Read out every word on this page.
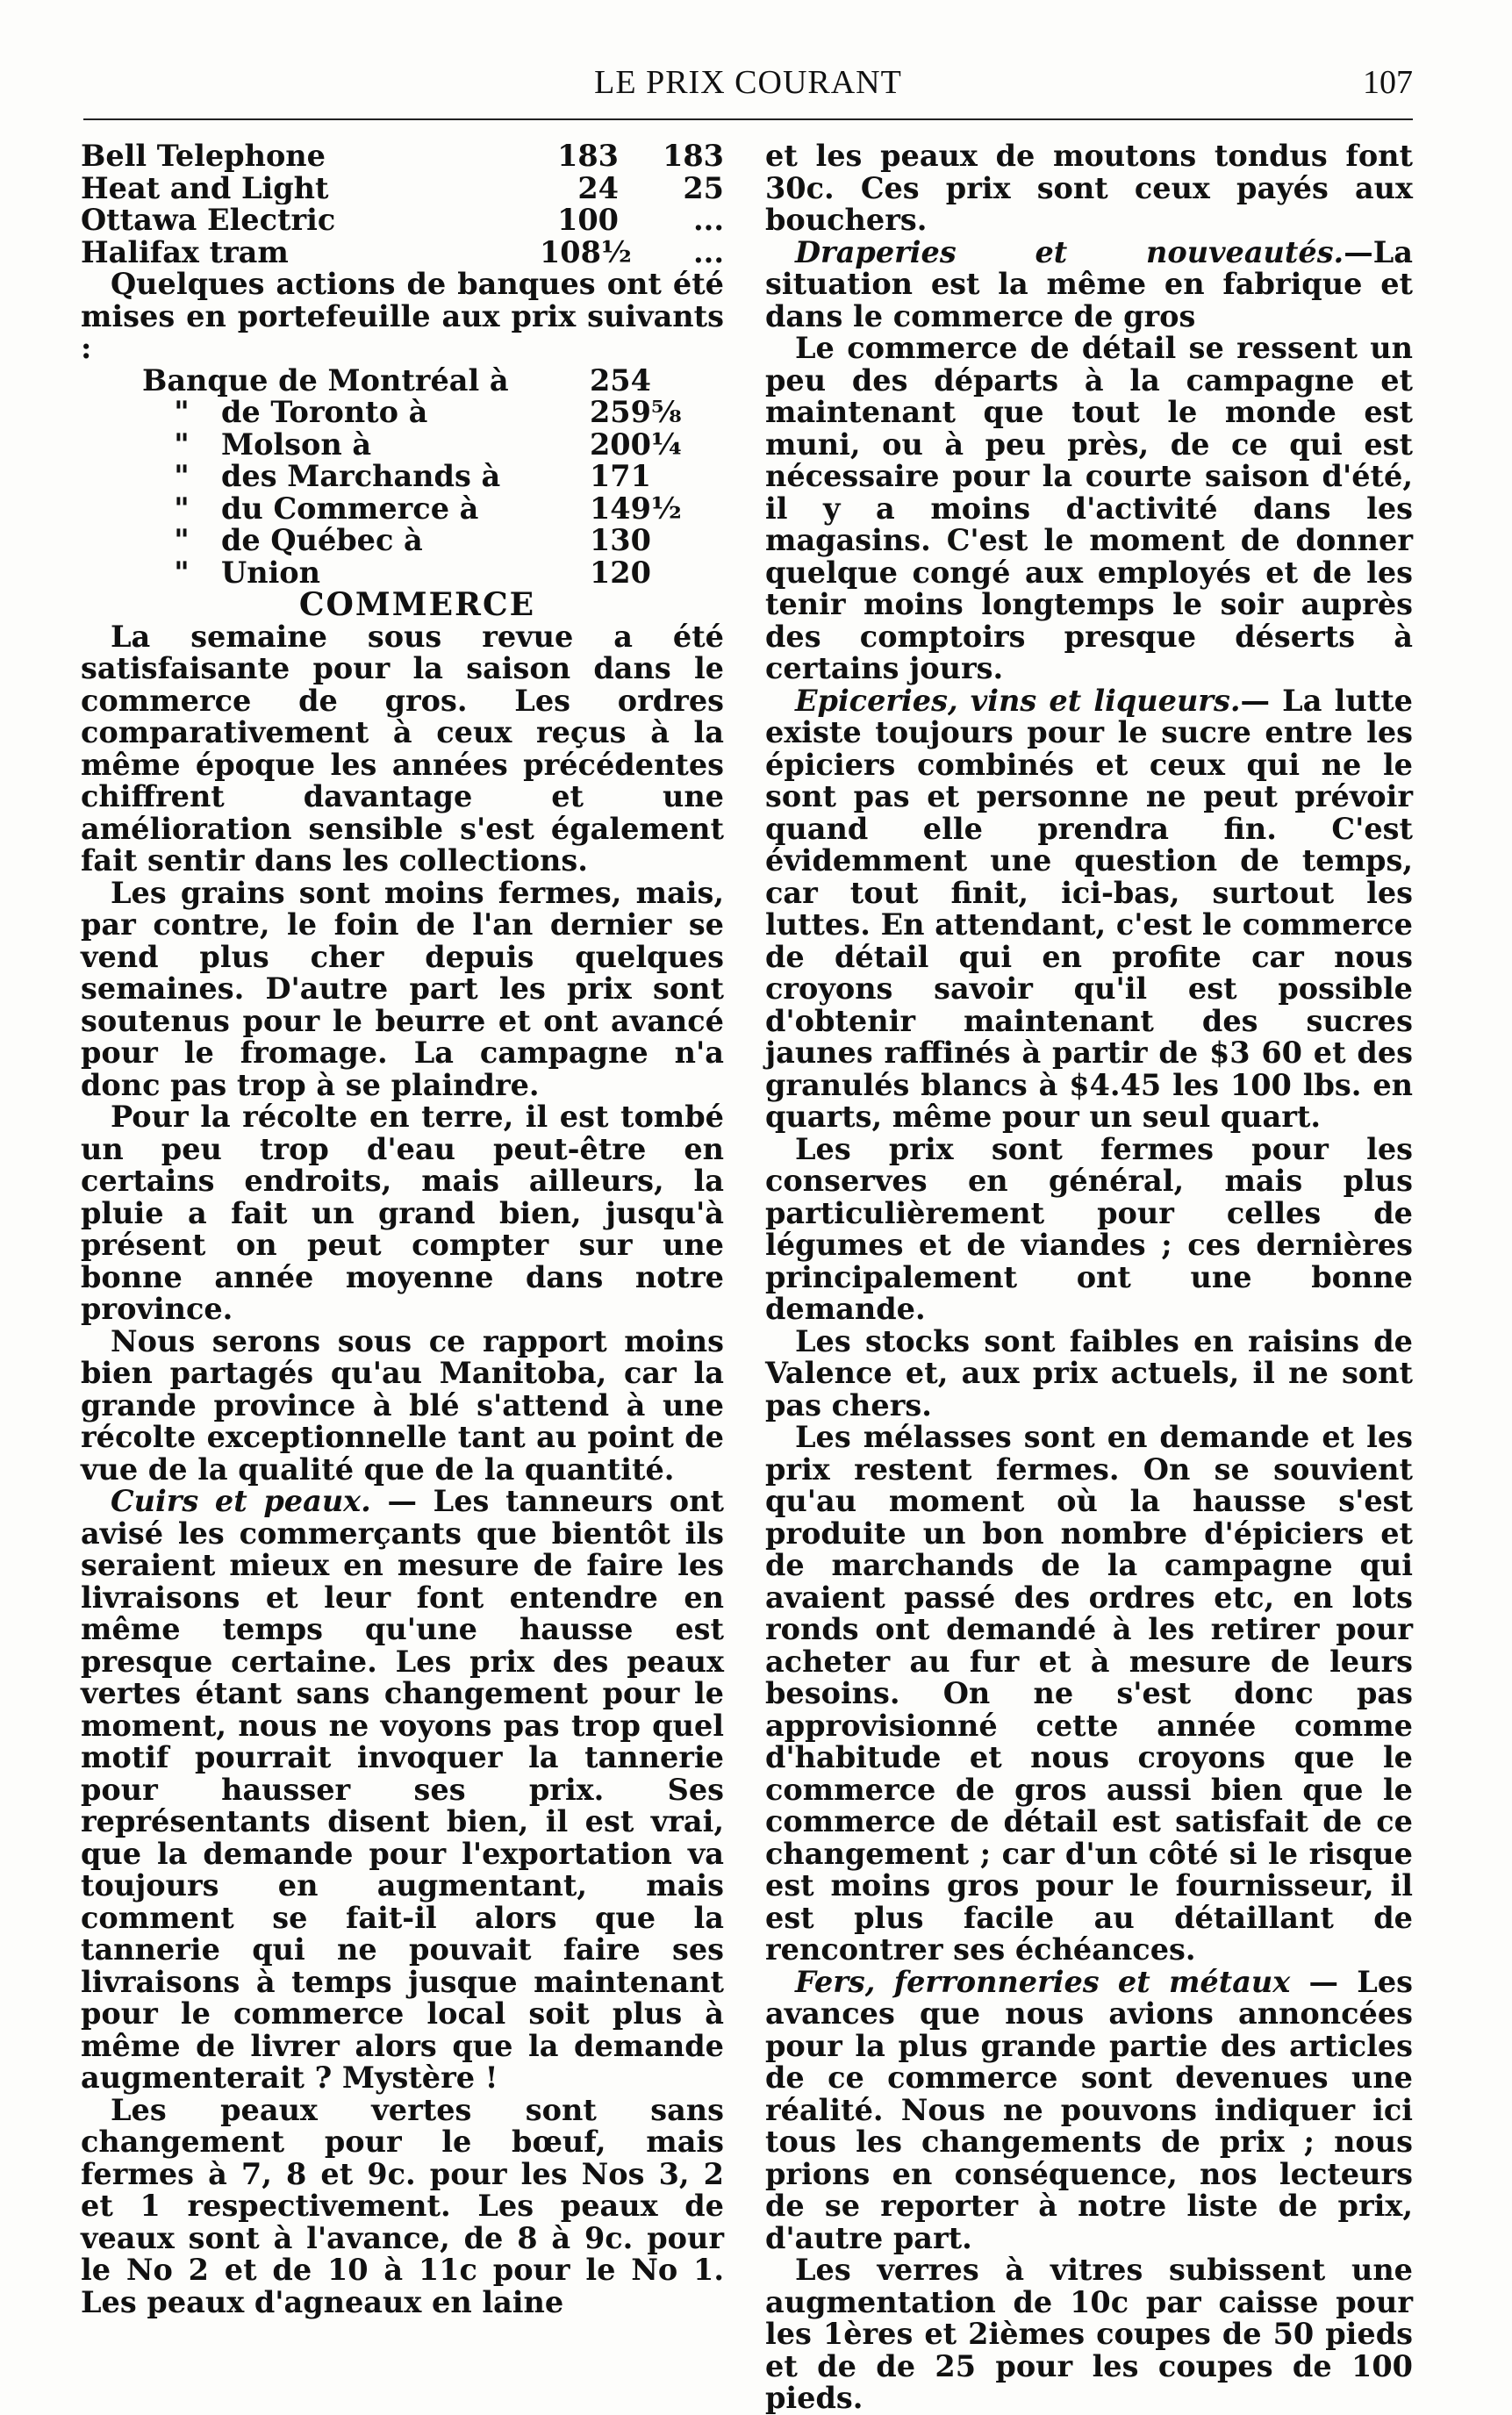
LE PRIX COURANT	107
Bell Telephone	183	183
Heat and Light	24	25
Ottawa Electric	100	...
Halifax tram	108½	...

Quelques actions de banques ont été mises en portefeuille aux prix suivants :

Banque de Montréal à	254
"	de Toronto à	259⅝
"	Molson à	200¼
"	des Marchands à	171
"	du Commerce à	149½
"	de Québec à	130
"	Union	120

COMMERCE

La semaine sous revue a été satisfaisante pour la saison dans le commerce de gros. Les ordres comparativement à ceux reçus à la même époque les années précédentes chiffrent davantage et une amélioration sensible s'est également fait sentir dans les collections.

Les grains sont moins fermes, mais, par contre, le foin de l'an dernier se vend plus cher depuis quelques semaines. D'autre part les prix sont soutenus pour le beurre et ont avancé pour le fromage. La campagne n'a donc pas trop à se plaindre.

Pour la récolte en terre, il est tombé un peu trop d'eau peut-être en certains endroits, mais ailleurs, la pluie a fait un grand bien, jusqu'à présent on peut compter sur une bonne année moyenne dans notre province.

Nous serons sous ce rapport moins bien partagés qu'au Manitoba, car la grande province à blé s'attend à une récolte exceptionnelle tant au point de vue de la qualité que de la quantité.

Cuirs et peaux. — Les tanneurs ont avisé les commerçants que bientôt ils seraient mieux en mesure de faire les livraisons et leur font entendre en même temps qu'une hausse est presque certaine. Les prix des peaux vertes étant sans changement pour le moment, nous ne voyons pas trop quel motif pourrait invoquer la tannerie pour hausser ses prix. Ses représentants disent bien, il est vrai, que la demande pour l'exportation va toujours en augmentant, mais comment se fait-il alors que la tannerie qui ne pouvait faire ses livraisons à temps jusque maintenant pour le commerce local soit plus à même de livrer alors que la demande augmenterait ? Mystère !

Les peaux vertes sont sans changement pour le bœuf, mais fermes à 7, 8 et 9c. pour les Nos 3, 2 et 1 respectivement. Les peaux de veaux sont à l'avance, de 8 à 9c. pour le No 2 et de 10 à 11c pour le No 1. Les peaux d'agneaux en laine

et les peaux de moutons tondus font 30c. Ces prix sont ceux payés aux bouchers.

Draperies et nouveautés.—La situation est la même en fabrique et dans le commerce de gros

Le commerce de détail se ressent un peu des départs à la campagne et maintenant que tout le monde est muni, ou à peu près, de ce qui est nécessaire pour la courte saison d'été, il y a moins d'activité dans les magasins. C'est le moment de donner quelque congé aux employés et de les tenir moins longtemps le soir auprès des comptoirs presque déserts à certains jours.

Epiceries, vins et liqueurs.— La lutte existe toujours pour le sucre entre les épiciers combinés et ceux qui ne le sont pas et personne ne peut prévoir quand elle prendra fin. C'est évidemment une question de temps, car tout finit, ici-bas, surtout les luttes. En attendant, c'est le commerce de détail qui en profite car nous croyons savoir qu'il est possible d'obtenir maintenant des sucres jaunes raffinés à partir de $3 60 et des granulés blancs à $4.45 les 100 lbs. en quarts, même pour un seul quart.

Les prix sont fermes pour les conserves en général, mais plus particulièrement pour celles de légumes et de viandes ; ces dernières principalement ont une bonne demande.

Les stocks sont faibles en raisins de Valence et, aux prix actuels, il ne sont pas chers.

Les mélasses sont en demande et les prix restent fermes. On se souvient qu'au moment où la hausse s'est produite un bon nombre d'épiciers et de marchands de la campagne qui avaient passé des ordres etc, en lots ronds ont demandé à les retirer pour acheter au fur et à mesure de leurs besoins. On ne s'est donc pas approvisionné cette année comme d'habitude et nous croyons que le commerce de gros aussi bien que le commerce de détail est satisfait de ce changement ; car d'un côté si le risque est moins gros pour le fournisseur, il est plus facile au détaillant de rencontrer ses échéances.

Fers, ferronneries et métaux — Les avances que nous avions annoncées pour la plus grande partie des articles de ce commerce sont devenues une réalité. Nous ne pouvons indiquer ici tous les changements de prix ; nous prions en conséquence, nos lecteurs de se reporter à notre liste de prix, d'autre part.

Les verres à vitres subissent une augmentation de 10c par caisse pour les 1ères et 2ièmes coupes de 50 pieds et de de 25 pour les coupes de 100 pieds.
